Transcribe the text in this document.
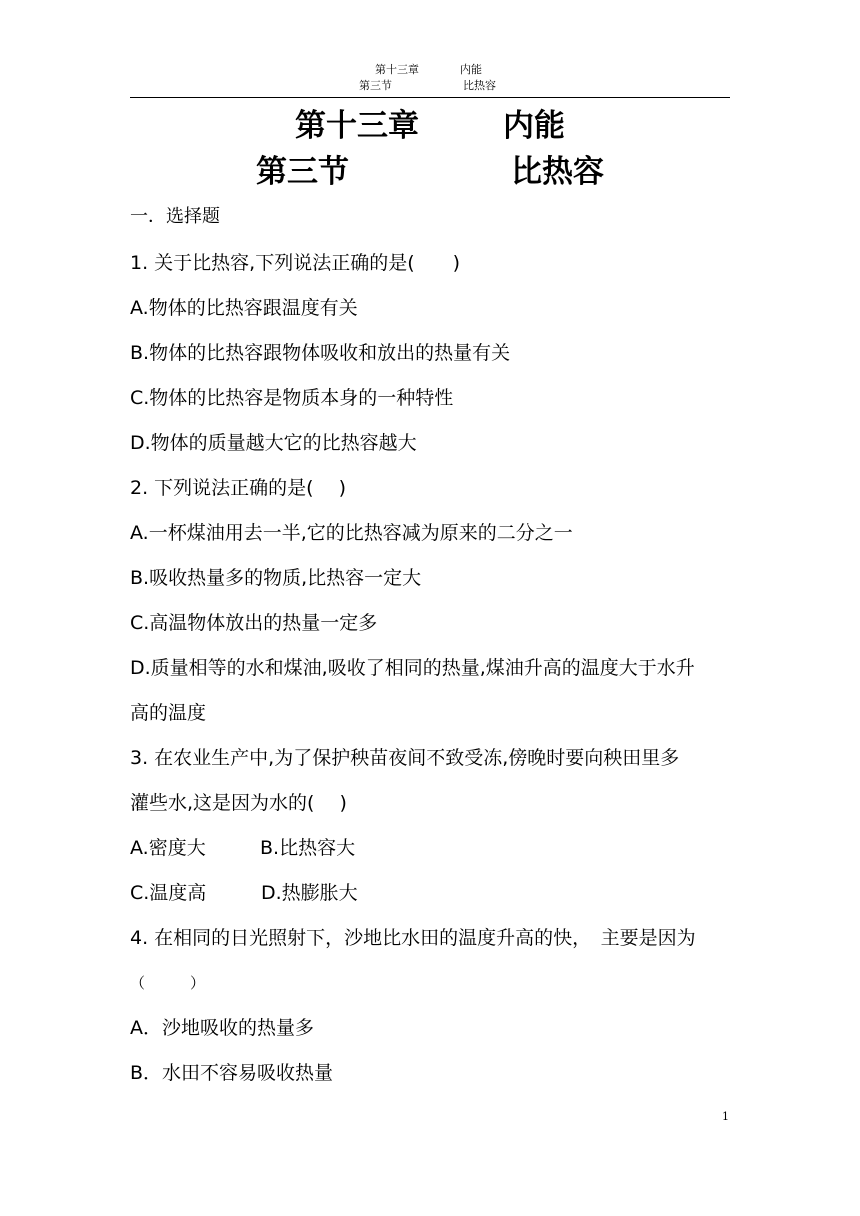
第十三章	内能
第三节	比热容
第十三章	内能
第三节	比热容
一．选择题
1. 关于比热容,下列说法正确的是(　　)
A.物体的比热容跟温度有关
B.物体的比热容跟物体吸收和放出的热量有关
C.物体的比热容是物质本身的一种特性
D.物体的质量越大它的比热容越大
2. 下列说法正确的是(　 )
A.一杯煤油用去一半,它的比热容减为原来的二分之一
B.吸收热量多的物质,比热容一定大
C.高温物体放出的热量一定多
D.质量相等的水和煤油,吸收了相同的热量,煤油升高的温度大于水升
高的温度
3. 在农业生产中,为了保护秧苗夜间不致受冻,傍晚时要向秧田里多
灌些水,这是因为水的(　 )
A.密度大	B.比热容大
C.温度高	D.热膨胀大
4. 在相同的日光照射下，沙地比水田的温度升高的快，　主要是因为
（　　　）
A．沙地吸收的热量多
B．水田不容易吸收热量
1
